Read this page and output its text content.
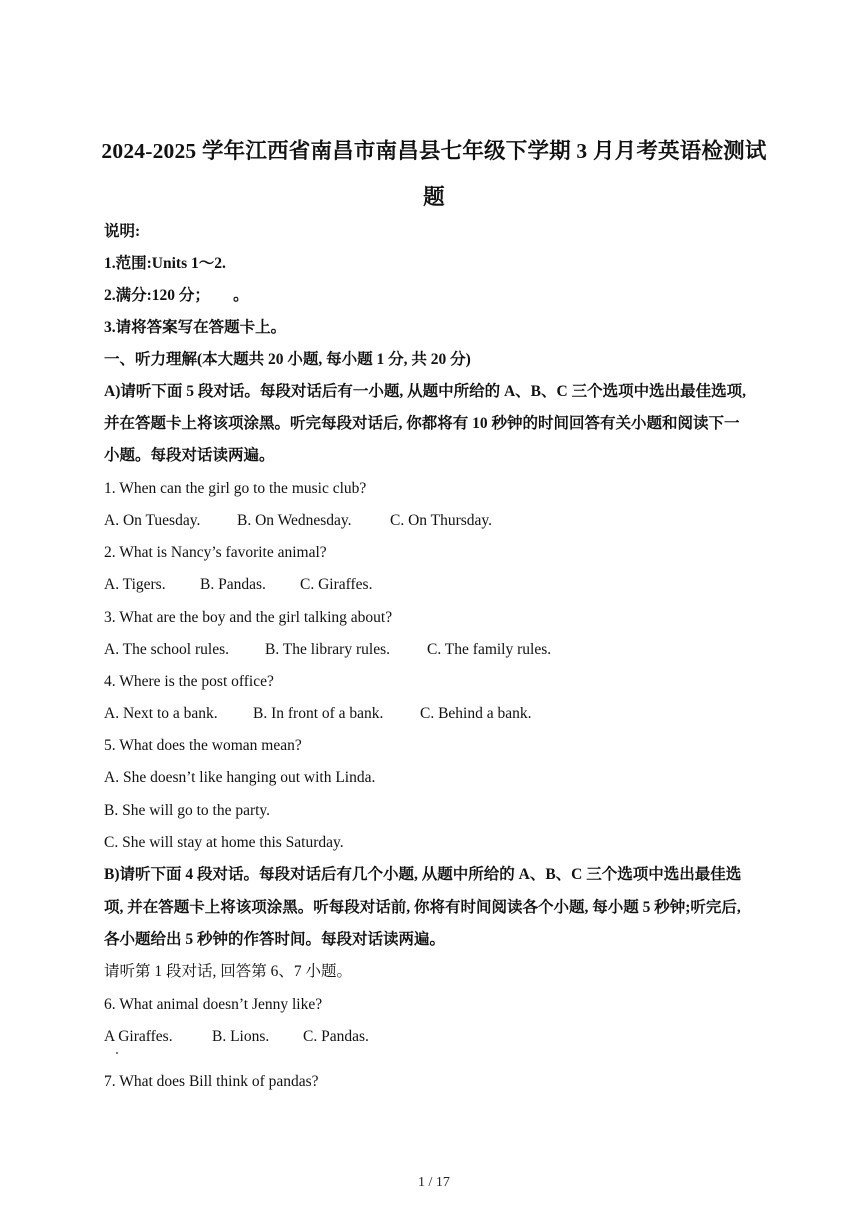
2024-2025 学年江西省南昌市南昌县七年级下学期 3 月月考英语检测试
题
说明:
1.范围:Units 1～2.
2.满分:120 分；　　。
3.请将答案写在答题卡上。
一、听力理解(本大题共 20 小题, 每小题 1 分, 共 20 分)
A)请听下面 5 段对话。每段对话后有一小题, 从题中所给的 A、B、C 三个选项中选出最佳选项,
并在答题卡上将该项涂黑。听完每段对话后, 你都将有 10 秒钟的时间回答有关小题和阅读下一
小题。每段对话读两遍。
1. When can the girl go to the music club?
A. On Tuesday. B. On Wednesday. C. On Thursday.
2. What is Nancy’s favorite animal?
A. Tigers. B. Pandas. C. Giraffes.
3. What are the boy and the girl talking about?
A. The school rules. B. The library rules. C. The family rules.
4. Where is the post office?
A. Next to a bank. B. In front of a bank. C. Behind a bank.
5. What does the woman mean?
A. She doesn’t like hanging out with Linda.
B. She will go to the party.
C. She will stay at home this Saturday.
B)请听下面 4 段对话。每段对话后有几个小题, 从题中所给的 A、B、C 三个选项中选出最佳选
项, 并在答题卡上将该项涂黑。听每段对话前, 你将有时间阅读各个小题, 每小题 5 秒钟;听完后,
各小题给出 5 秒钟的作答时间。每段对话读两遍。
请听第 1 段对话, 回答第 6、7 小题。
6. What animal doesn’t Jenny like?
A Giraffes.	B. Lions. C. Pandas.
7. What does Bill think of pandas?
1 / 17
